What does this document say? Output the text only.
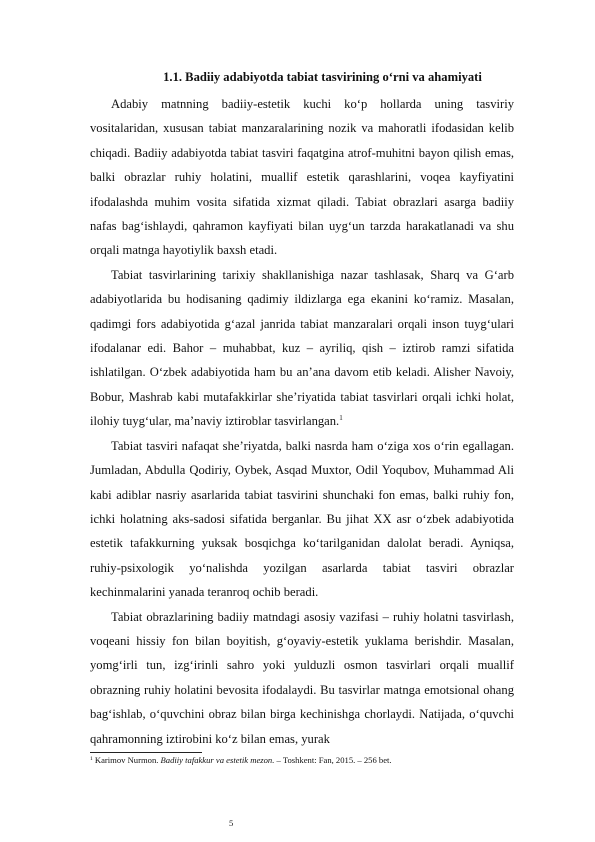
1.1. Badiiy adabiyotda tabiat tasvirining o‘rni va ahamiyati

Adabiy matnning badiiy-estetik kuchi ko‘p hollarda uning tasviriy vositalaridan, xususan tabiat manzaralarining nozik va mahoratli ifodasidan kelib chiqadi. Badiiy adabiyotda tabiat tasviri faqatgina atrof-muhitni bayon qilish emas, balki obrazlar ruhiy holatini, muallif estetik qarashlarini, voqea kayfiyatini ifodalashda muhim vosita sifatida xizmat qiladi. Tabiat obrazlari asarga badiiy nafas bag‘ishlaydi, qahramon kayfiyati bilan uyg‘un tarzda harakatlanadi va shu orqali matnga hayotiylik baxsh etadi.

Tabiat tasvirlarining tarixiy shakllanishiga nazar tashlasak, Sharq va G‘arb adabiyotlarida bu hodisaning qadimiy ildizlarga ega ekanini ko‘ramiz. Masalan, qadimgi fors adabiyotida g‘azal janrida tabiat manzaralari orqali inson tuyg‘ulari ifodalanar edi. Bahor – muhabbat, kuz – ayriliq, qish – iztirob ramzi sifatida ishlatilgan. O‘zbek adabiyotida ham bu an’ana davom etib keladi. Alisher Navoiy, Bobur, Mashrab kabi mutafakkirlar she’riyatida tabiat tasvirlari orqali ichki holat, ilohiy tuyg‘ular, ma’naviy iztiroblar tasvirlangan.$^1$

Tabiat tasviri nafaqat she’riyatda, balki nasrda ham o‘ziga xos o‘rin egallagan. Jumladan, Abdulla Qodiriy, Oybek, Asqad Muxtor, Odil Yoqubov, Muhammad Ali kabi adiblar nasriy asarlarida tabiat tasvirini shunchaki fon emas, balki ruhiy fon, ichki holatning aks-sadosi sifatida berganlar. Bu jihat XX asr o‘zbek adabiyotida estetik tafakkurning yuksak bosqichga ko‘tarilganidan dalolat beradi. Ayniqsa, ruhiy-psixologik yo‘nalishda yozilgan asarlarda tabiat tasviri obrazlar kechinmalarini yanada teranroq ochib beradi.

Tabiat obrazlarining badiiy matndagi asosiy vazifasi – ruhiy holatni tasvirlash, voqeani hissiy fon bilan boyitish, g‘oyaviy-estetik yuklama berishdir. Masalan, yomg‘irli tun, izg‘irinli sahro yoki yulduzli osmon tasvirlari orqali muallif obrazning ruhiy holatini bevosita ifodalaydi. Bu tasvirlar matnga emotsional ohang bag‘ishlab, o‘quvchini obraz bilan birga kechinishga chorlaydi. Natijada, o‘quvchi qahramonning iztirobini ko‘z bilan emas, yurak

$^1$ Karimov Nurmon. Badiiy tafakkur va estetik mezon. – Toshkent: Fan, 2015. – 256 bet.

5
